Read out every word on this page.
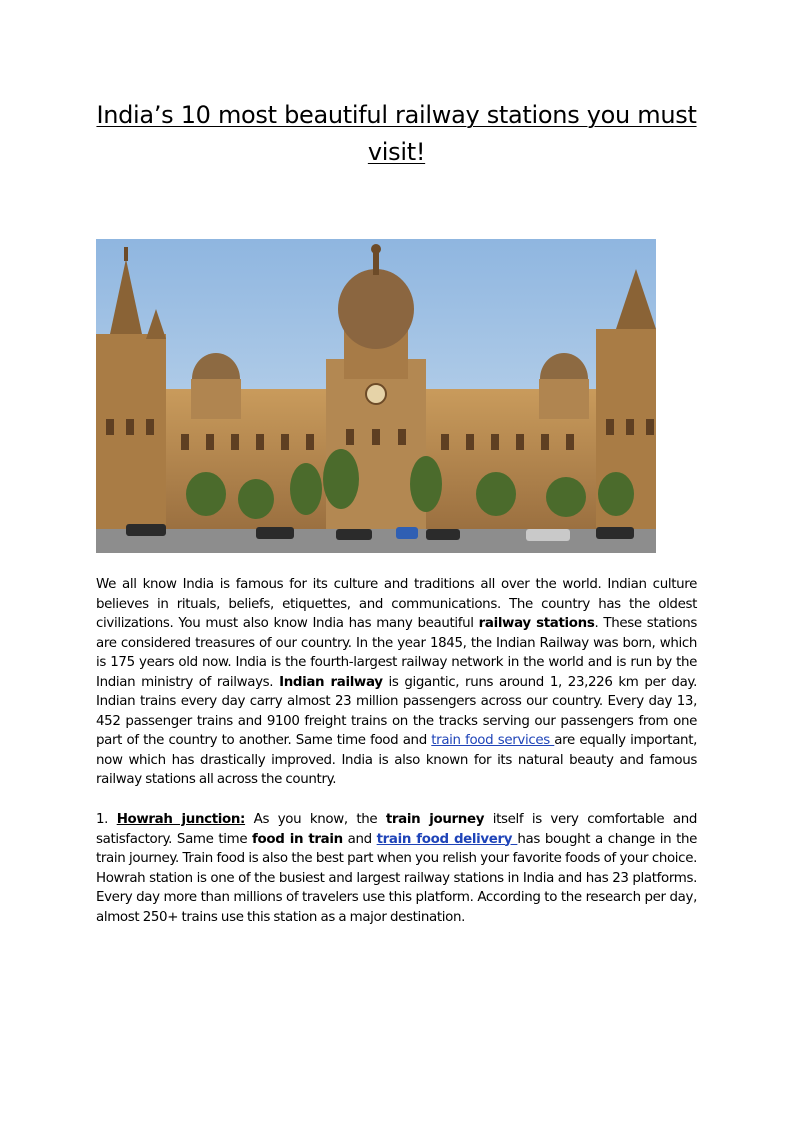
India’s 10 most beautiful railway stations you must visit!

We all know India is famous for its culture and traditions all over the world. Indian culture believes in rituals, beliefs, etiquettes, and communications. The country has the oldest civilizations. You must also know India has many beautiful railway stations. These stations are considered treasures of our country. In the year 1845, the Indian Railway was born, which is 175 years old now. India is the fourth-largest railway network in the world and is run by the Indian ministry of railways. Indian railway is gigantic, runs around 1, 23,226 km per day. Indian trains every day carry almost 23 million passengers across our country. Every day 13, 452 passenger trains and 9100 freight trains on the tracks serving our passengers from one part of the country to another. Same time food and train food services are equally important, now which has drastically improved. India is also known for its natural beauty and famous railway stations all across the country.

1. Howrah junction: As you know, the train journey itself is very comfortable and satisfactory. Same time food in train and train food delivery has bought a change in the train journey. Train food is also the best part when you relish your favorite foods of your choice. Howrah station is one of the busiest and largest railway stations in India and has 23 platforms. Every day more than millions of travelers use this platform. According to the research per day, almost 250+ trains use this station as a major destination.
